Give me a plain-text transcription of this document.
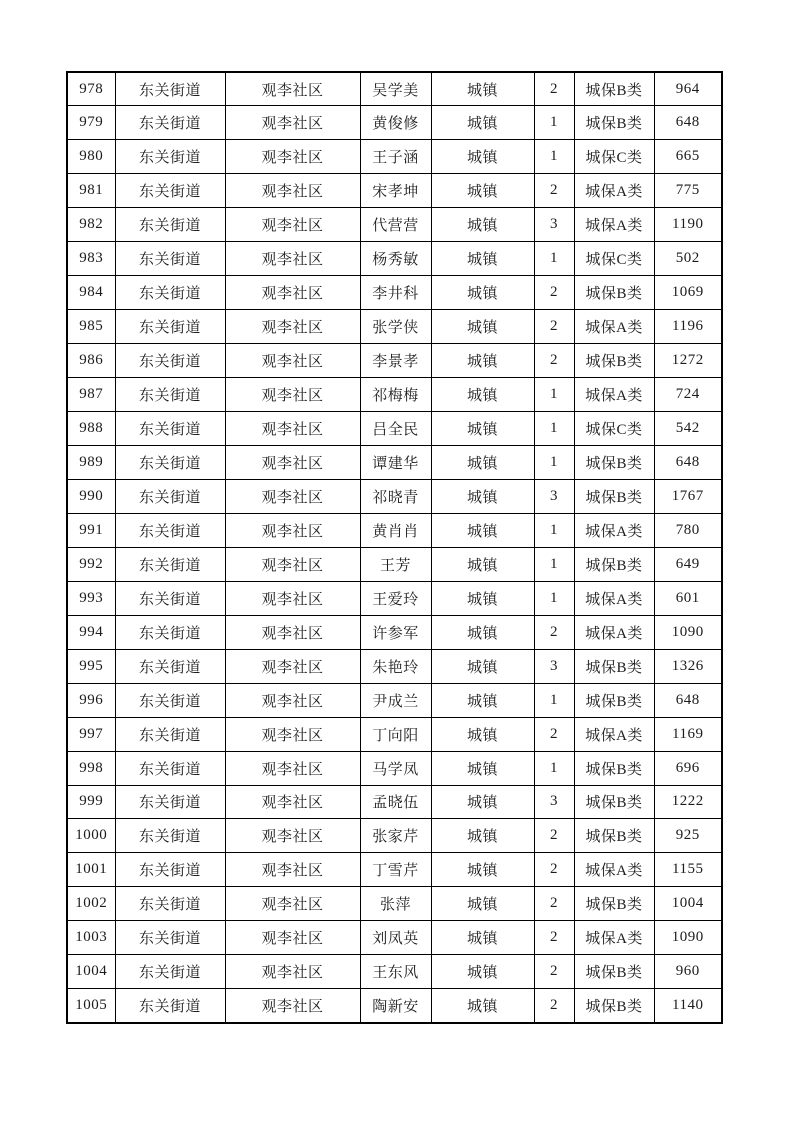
978	东关街道	观李社区	吴学美	城镇	2	城保B类	964
979	东关街道	观李社区	黄俊修	城镇	1	城保B类	648
980	东关街道	观李社区	王子涵	城镇	1	城保C类	665
981	东关街道	观李社区	宋孝坤	城镇	2	城保A类	775
982	东关街道	观李社区	代营营	城镇	3	城保A类	1190
983	东关街道	观李社区	杨秀敏	城镇	1	城保C类	502
984	东关街道	观李社区	李井科	城镇	2	城保B类	1069
985	东关街道	观李社区	张学侠	城镇	2	城保A类	1196
986	东关街道	观李社区	李景孝	城镇	2	城保B类	1272
987	东关街道	观李社区	祁梅梅	城镇	1	城保A类	724
988	东关街道	观李社区	吕全民	城镇	1	城保C类	542
989	东关街道	观李社区	谭建华	城镇	1	城保B类	648
990	东关街道	观李社区	祁晓青	城镇	3	城保B类	1767
991	东关街道	观李社区	黄肖肖	城镇	1	城保A类	780
992	东关街道	观李社区	王芳	城镇	1	城保B类	649
993	东关街道	观李社区	王爱玲	城镇	1	城保A类	601
994	东关街道	观李社区	许参军	城镇	2	城保A类	1090
995	东关街道	观李社区	朱艳玲	城镇	3	城保B类	1326
996	东关街道	观李社区	尹成兰	城镇	1	城保B类	648
997	东关街道	观李社区	丁向阳	城镇	2	城保A类	1169
998	东关街道	观李社区	马学凤	城镇	1	城保B类	696
999	东关街道	观李社区	孟晓伍	城镇	3	城保B类	1222
1000	东关街道	观李社区	张家芹	城镇	2	城保B类	925
1001	东关街道	观李社区	丁雪芹	城镇	2	城保A类	1155
1002	东关街道	观李社区	张萍	城镇	2	城保B类	1004
1003	东关街道	观李社区	刘凤英	城镇	2	城保A类	1090
1004	东关街道	观李社区	王东风	城镇	2	城保B类	960
1005	东关街道	观李社区	陶新安	城镇	2	城保B类	1140
